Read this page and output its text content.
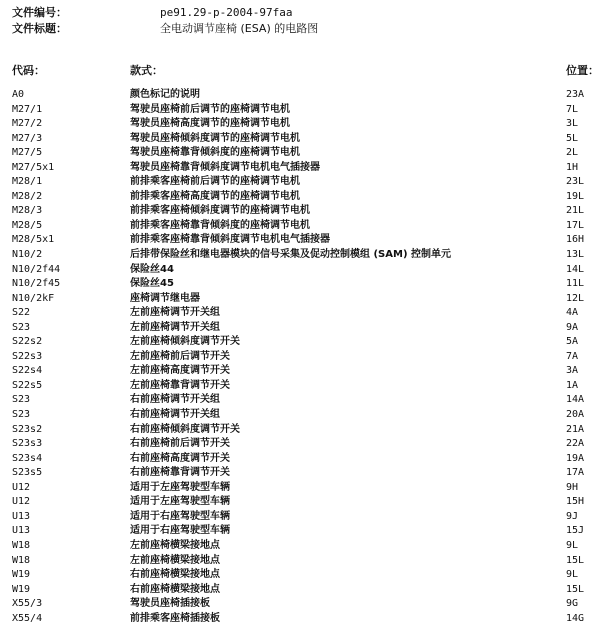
文件编号：	pe91.29-p-2004-97faa
文件标题：	全电动调节座椅 (ESA) 的电路图
代码：	款式：	位置：
A0	颜色标记的说明	23A
M27/1	驾驶员座椅前后调节的座椅调节电机	7L
M27/2	驾驶员座椅高度调节的座椅调节电机	3L
M27/3	驾驶员座椅倾斜度调节的座椅调节电机	5L
M27/5	驾驶员座椅靠背倾斜度的座椅调节电机	2L
M27/5x1	驾驶员座椅靠背倾斜度调节电机电气插接器	1H
M28/1	前排乘客座椅前后调节的座椅调节电机	23L
M28/2	前排乘客座椅高度调节的座椅调节电机	19L
M28/3	前排乘客座椅倾斜度调节的座椅调节电机	21L
M28/5	前排乘客座椅靠背倾斜度的座椅调节电机	17L
M28/5x1	前排乘客座椅靠背倾斜度调节电机电气插接器	16H
N10/2	后排带保险丝和继电器模块的信号采集及促动控制模组 (SAM) 控制单元	13L
N10/2f44	保险丝44	14L
N10/2f45	保险丝45	11L
N10/2kF	座椅调节继电器	12L
S22	左前座椅调节开关组	4A
S23	左前座椅调节开关组	9A
S22s2	左前座椅倾斜度调节开关	5A
S22s3	左前座椅前后调节开关	7A
S22s4	左前座椅高度调节开关	3A
S22s5	左前座椅靠背调节开关	1A
S23	右前座椅调节开关组	14A
S23	右前座椅调节开关组	20A
S23s2	右前座椅倾斜度调节开关	21A
S23s3	右前座椅前后调节开关	22A
S23s4	右前座椅高度调节开关	19A
S23s5	右前座椅靠背调节开关	17A
U12	适用于左座驾驶型车辆	9H
U12	适用于左座驾驶型车辆	15H
U13	适用于右座驾驶型车辆	9J
U13	适用于右座驾驶型车辆	15J
W18	左前座椅横梁接地点	9L
W18	左前座椅横梁接地点	15L
W19	右前座椅横梁接地点	9L
W19	右前座椅横梁接地点	15L
X55/3	驾驶员座椅插接板	9G
X55/4	前排乘客座椅插接板	14G
